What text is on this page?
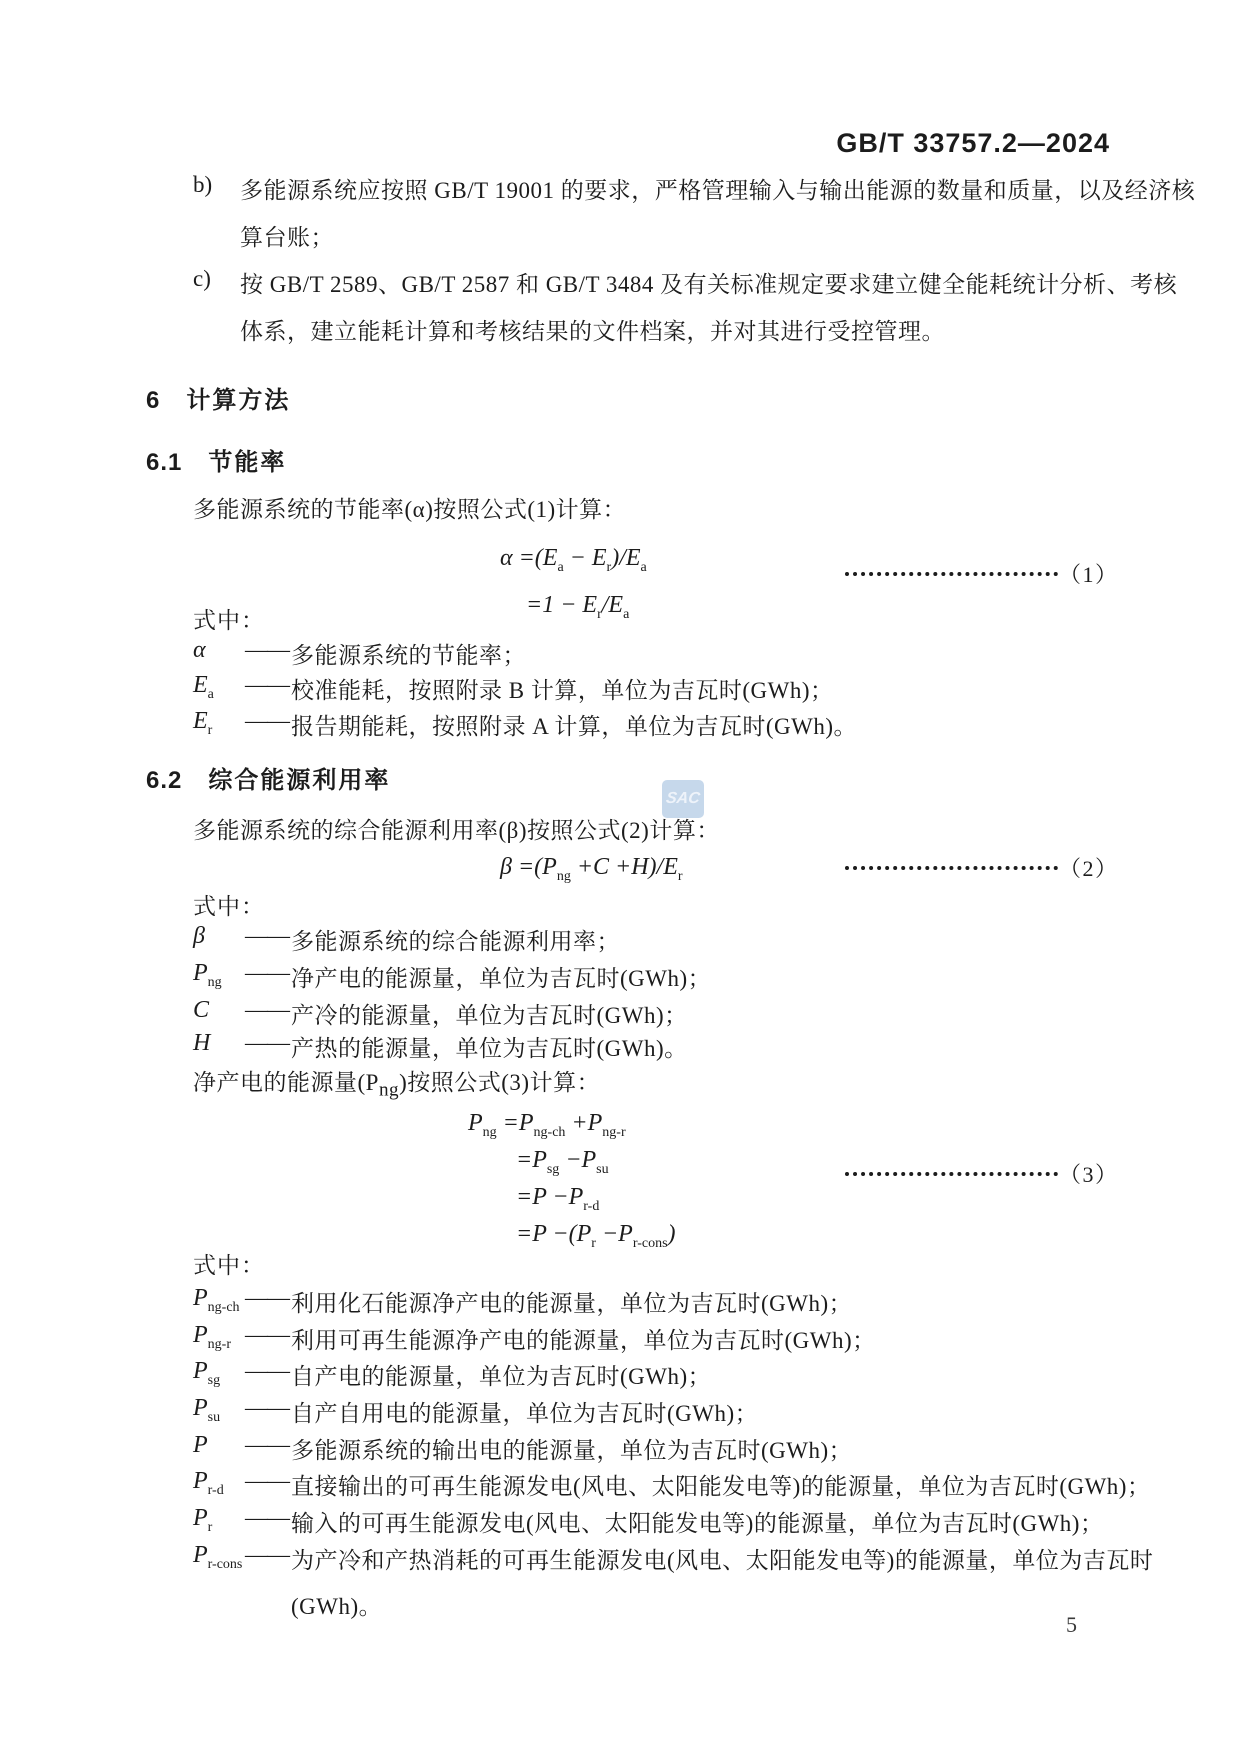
GB/T 33757.2—2024
b) 多能源系统应按照 GB/T 19001 的要求，严格管理输入与输出能源的数量和质量，以及经济核
算台账；
c) 按 GB/T 2589、GB/T 2587 和 GB/T 3484 及有关标准规定要求建立健全能耗统计分析、考核
体系，建立能耗计算和考核结果的文件档案，并对其进行受控管理。
6 计算方法
6.1 节能率
多能源系统的节能率(α)按照公式(1)计算：
$\alpha =(E_a - E_r)/E_a$
$=1 - E_r/E_a$
（ 1 ）
式中：
α	—— 多能源系统的节能率；
$E_a$	—— 校准能耗，按照附录 B 计算，单位为吉瓦时(GWh)；
$E_r$	—— 报告期能耗，按照附录 A 计算，单位为吉瓦时(GWh)。
6.2 综合能源利用率
SAC
多能源系统的综合能源利用率(β)按照公式(2)计算：
$\beta =(P_{ng} +C +H)/E_r$	（ 2 ）
式中：
β	—— 多能源系统的综合能源利用率；
$P_{ng}$	—— 净产电的能源量，单位为吉瓦时(GWh)；
C	—— 产冷的能源量，单位为吉瓦时(GWh)；
H	—— 产热的能源量，单位为吉瓦时(GWh)。
净产电的能源量$(P_{ng})$按照公式(3)计算：
$P_{ng} =P_{ng-ch} +P_{ng-r}$
$=P_{sg} -P_{su}$
$=P -P_{r-d}$
$=P -(P_r -P_{r-cons})$
（ 3 ）
式中：
$P_{ng-ch}$ —— 利用化石能源净产电的能源量，单位为吉瓦时(GWh)；
$P_{ng-r}$ —— 利用可再生能源净产电的能源量，单位为吉瓦时(GWh)；
$P_{sg}$	—— 自产电的能源量，单位为吉瓦时(GWh)；
$P_{su}$	—— 自产自用电的能源量，单位为吉瓦时(GWh)；
P	—— 多能源系统的输出电的能源量，单位为吉瓦时(GWh)；
$P_{r-d}$ —— 直接输出的可再生能源发电(风电、太阳能发电等)的能源量，单位为吉瓦时(GWh)；
$P_r$	—— 输入的可再生能源发电(风电、太阳能发电等)的能源量，单位为吉瓦时(GWh)；
$P_{r-cons}$ —— 为产冷和产热消耗的可再生能源发电(风电、太阳能发电等)的能源量，单位为吉瓦时
(GWh)。
5
